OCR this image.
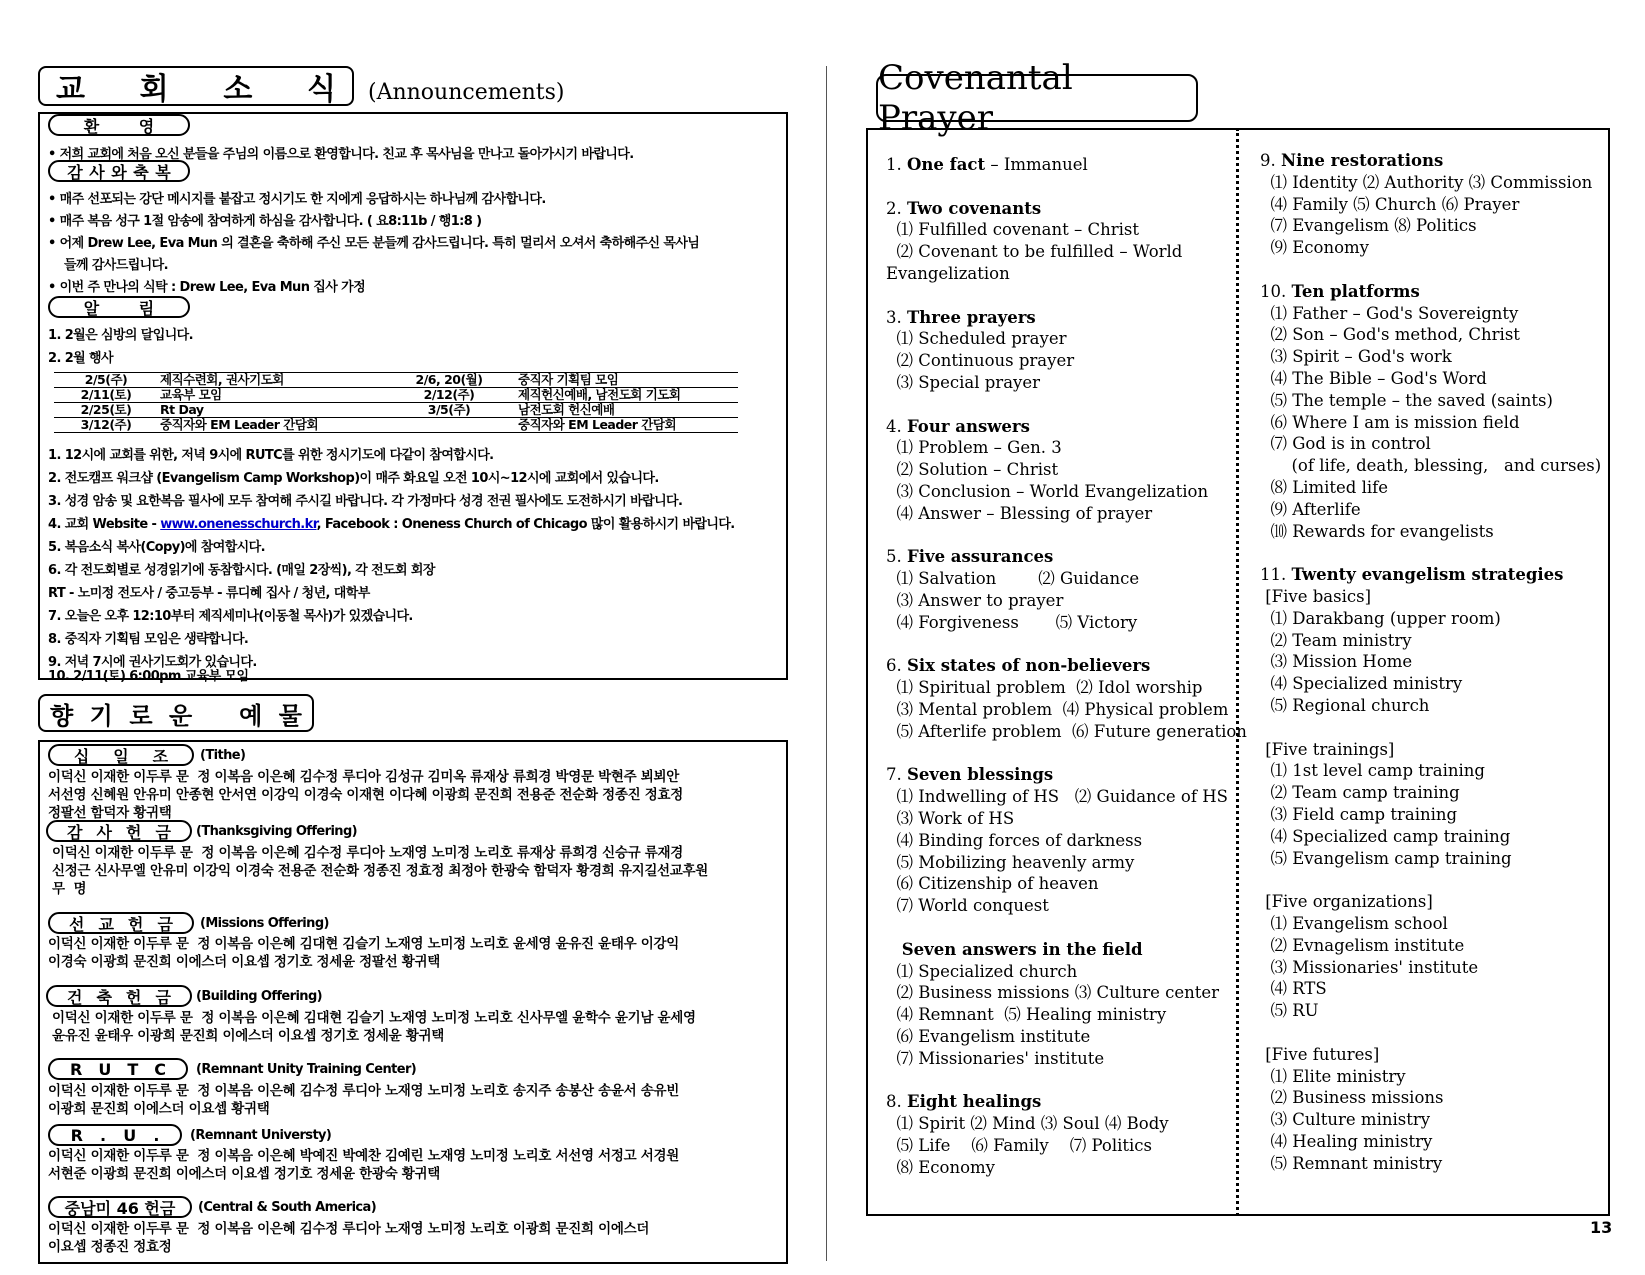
교 회 소 식 (Announcements)
환 영
• 저희 교회에 처음 오신 분들을 주님의 이름으로 환영합니다. 친교 후 목사님을 만나고 돌아가시기 바랍니다.
감 사 와 축 복
• 매주 선포되는 강단 메시지를 붙잡고 정시기도 한 지에게 응답하시는 하나님께 감사합니다.
• 매주 복음 성구 1절 암송에 참여하게 하심을 감사합니다. ( 요8:11b / 행1:8 )
• 어제 Drew Lee, Eva Mun 의 결혼을 축하해 주신 모든 분들께 감사드립니다. 특히 멀리서 오셔서 축하해주신 목사님
들께 감사드립니다.
• 이번 주 만나의 식탁 : Drew Lee, Eva Mun 집사 가정
알 림
1. 2월은 심방의 달입니다.
2. 2월 행사
2/5(주)	제직수련회, 권사기도회	2/6, 20(월)	중직자 기획팀 모임
2/11(토)	교육부 모임	2/12(주)	제직헌신예배, 남전도회 기도회
2/25(토)	Rt Day	3/5(주)	남전도회 헌신예배
3/12(주)	중직자와 EM Leader 간담회		중직자와 EM Leader 간담회
1. 12시에 교회를 위한, 저녁 9시에 RUTC를 위한 정시기도에 다같이 참여합시다.
2. 전도캠프 워크샵 (Evangelism Camp Workshop)이 매주 화요일 오전 10시~12시에 교회에서 있습니다.
3. 성경 암송 및 요한복음 필사에 모두 참여해 주시길 바랍니다. 각 가정마다 성경 전권 필사에도 도전하시기 바랍니다.
4. 교회 Website - www.onenesschurch.kr, Facebook : Oneness Church of Chicago 많이 활용하시기 바랍니다.
5. 복음소식 복사(Copy)에 참여합시다.
6. 각 전도회별로 성경읽기에 동참합시다. (매일 2장씩), 각 전도회 회장
RT - 노미정 전도사 / 중고등부 - 류디혜 집사 / 청년, 대학부
7. 오늘은 오후 12:10부터 제직세미나(이동철 목사)가 있겠습니다.
8. 중직자 기획팀 모임은 생략합니다.
9. 저녁 7시에 권사기도회가 있습니다.
10. 2/11(토) 6:00pm 교육부 모임
향 기 로 운 예 물
십 일 조 (Tithe)
이덕신 이재한 이두루 문  정 이복음 이은혜 김수정 루디아 김성규 김미옥 류재상 류희경 박영문 박현주 뵈뵈안
서선영 신혜원 안유미 안종현 안서연 이강익 이경숙 이재현 이다혜 이광희 문진희 전용준 전순화 정종진 정효정
정팔선 함덕자 황귀택
감 사 헌 금 (Thanksgiving Offering)
이덕신 이재한 이두루 문  정 이복음 이은혜 김수정 루디아 노재영 노미정 노리호 류재상 류희경 신승규 류재경
신정근 신사무엘 안유미 이강익 이경숙 전용준 전순화 정종진 정효정 최정아 한광숙 함덕자 황경희 유지길선교후원
무  명
선 교 헌 금 (Missions Offering)
이덕신 이재한 이두루 문  정 이복음 이은혜 김대현 김슬기 노재영 노미정 노리호 윤세영 윤유진 윤태우 이강익
이경숙 이광희 문진희 이에스더 이요셉 정기호 정세윤 정팔선 황귀택
건 축 헌 금 (Building Offering)
이덕신 이재한 이두루 문  정 이복음 이은혜 김대현 김슬기 노재영 노미정 노리호 신사무엘 윤학수 윤기남 윤세영
윤유진 윤태우 이광희 문진희 이에스더 이요셉 정기호 정세윤 황귀택
R U T C (Remnant Unity Training Center)
이덕신 이재한 이두루 문  정 이복음 이은혜 김수정 루디아 노재영 노미정 노리호 송지주 송봉산 송윤서 송유빈
이광희 문진희 이에스더 이요셉 황귀택
R . U . (Remnant Universty)
이덕신 이재한 이두루 문  정 이복음 이은혜 박예진 박예찬 김예린 노재영 노미정 노리호 서선영 서정고 서경원
서현준 이광희 문진희 이에스더 이요셉 정기호 정세윤 한광숙 황귀택
중남미 46 헌금 (Central & South America)
이덕신 이재한 이두루 문  정 이복음 이은혜 김수정 루디아 노재영 노미정 노리호 이광희 문진희 이에스더
이요셉 정종진 정효정
Covenantal Prayer
1. One fact – Immanuel
2. Two covenants
⑴ Fulfilled covenant – Christ
⑵ Covenant to be fulfilled – World
Evangelization
3. Three prayers
⑴ Scheduled prayer
⑵ Continuous prayer
⑶ Special prayer
4. Four answers
⑴ Problem – Gen. 3
⑵ Solution – Christ
⑶ Conclusion – World Evangelization
⑷ Answer – Blessing of prayer
5. Five assurances
⑴ Salvation        ⑵ Guidance
⑶ Answer to prayer
⑷ Forgiveness       ⑸ Victory
6. Six states of non-believers
⑴ Spiritual problem  ⑵ Idol worship
⑶ Mental problem  ⑷ Physical problem
⑸ Afterlife problem  ⑹ Future generation
7. Seven blessings
⑴ Indwelling of HS   ⑵ Guidance of HS
⑶ Work of HS
⑷ Binding forces of darkness
⑸ Mobilizing heavenly army
⑹ Citizenship of heaven
⑺ World conquest
Seven answers in the field
⑴ Specialized church
⑵ Business missions ⑶ Culture center
⑷ Remnant  ⑸ Healing ministry
⑹ Evangelism institute
⑺ Missionaries' institute
8. Eight healings
⑴ Spirit ⑵ Mind ⑶ Soul ⑷ Body
⑸ Life    ⑹ Family    ⑺ Politics
⑻ Economy
9. Nine restorations
⑴ Identity ⑵ Authority ⑶ Commission
⑷ Family ⑸ Church ⑹ Prayer
⑺ Evangelism ⑻ Politics
⑼ Economy
10. Ten platforms
⑴ Father – God's Sovereignty
⑵ Son – God's method, Christ
⑶ Spirit – God's work
⑷ The Bible – God's Word
⑸ The temple – the saved (saints)
⑹ Where I am is mission field
⑺ God is in control
(of life, death, blessing,   and curses)
⑻ Limited life
⑼ Afterlife
⑽ Rewards for evangelists
11. Twenty evangelism strategies
[Five basics]
⑴ Darakbang (upper room)
⑵ Team ministry
⑶ Mission Home
⑷ Specialized ministry
⑸ Regional church
[Five trainings]
⑴ 1st level camp training
⑵ Team camp training
⑶ Field camp training
⑷ Specialized camp training
⑸ Evangelism camp training
[Five organizations]
⑴ Evangelism school
⑵ Evnagelism institute
⑶ Missionaries' institute
⑷ RTS
⑸ RU
[Five futures]
⑴ Elite ministry
⑵ Business missions
⑶ Culture ministry
⑷ Healing ministry
⑸ Remnant ministry
13
